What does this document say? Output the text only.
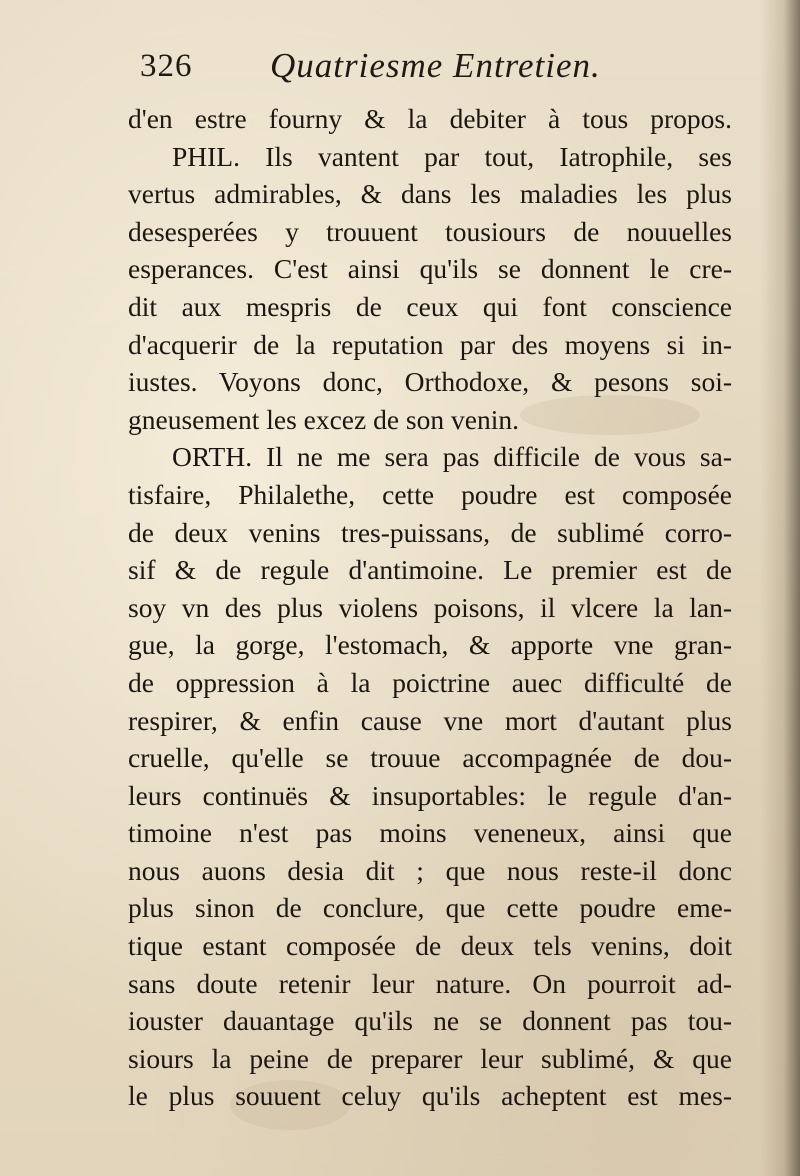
326 Quatriesme Entretien.
d'en estre fourny & la debiter à tous propos.
PHIL. Ils vantent par tout, Iatrophile, ses
vertus admirables, & dans les maladies les plus
desesperées y trouuent tousiours de nouuelles
esperances. C'est ainsi qu'ils se donnent le cre-
dit aux mespris de ceux qui font conscience
d'acquerir de la reputation par des moyens si in-
iustes. Voyons donc, Orthodoxe, & pesons soi-
gneusement les excez de son venin.
ORTH. Il ne me sera pas difficile de vous sa-
tisfaire, Philalethe, cette poudre est composée
de deux venins tres-puissans, de sublimé corro-
sif & de regule d'antimoine. Le premier est de
soy vn des plus violens poisons, il vlcere la lan-
gue, la gorge, l'estomach, & apporte vne gran-
de oppression à la poictrine auec difficulté de
respirer, & enfin cause vne mort d'autant plus
cruelle, qu'elle se trouue accompagnée de dou-
leurs continuës & insuportables: le regule d'an-
timoine n'est pas moins veneneux, ainsi que
nous auons desia dit ; que nous reste-il donc
plus sinon de conclure, que cette poudre eme-
tique estant composée de deux tels venins, doit
sans doute retenir leur nature. On pourroit ad-
iouster dauantage qu'ils ne se donnent pas tou-
siours la peine de preparer leur sublimé, & que
le plus souuent celuy qu'ils acheptent est mes-
